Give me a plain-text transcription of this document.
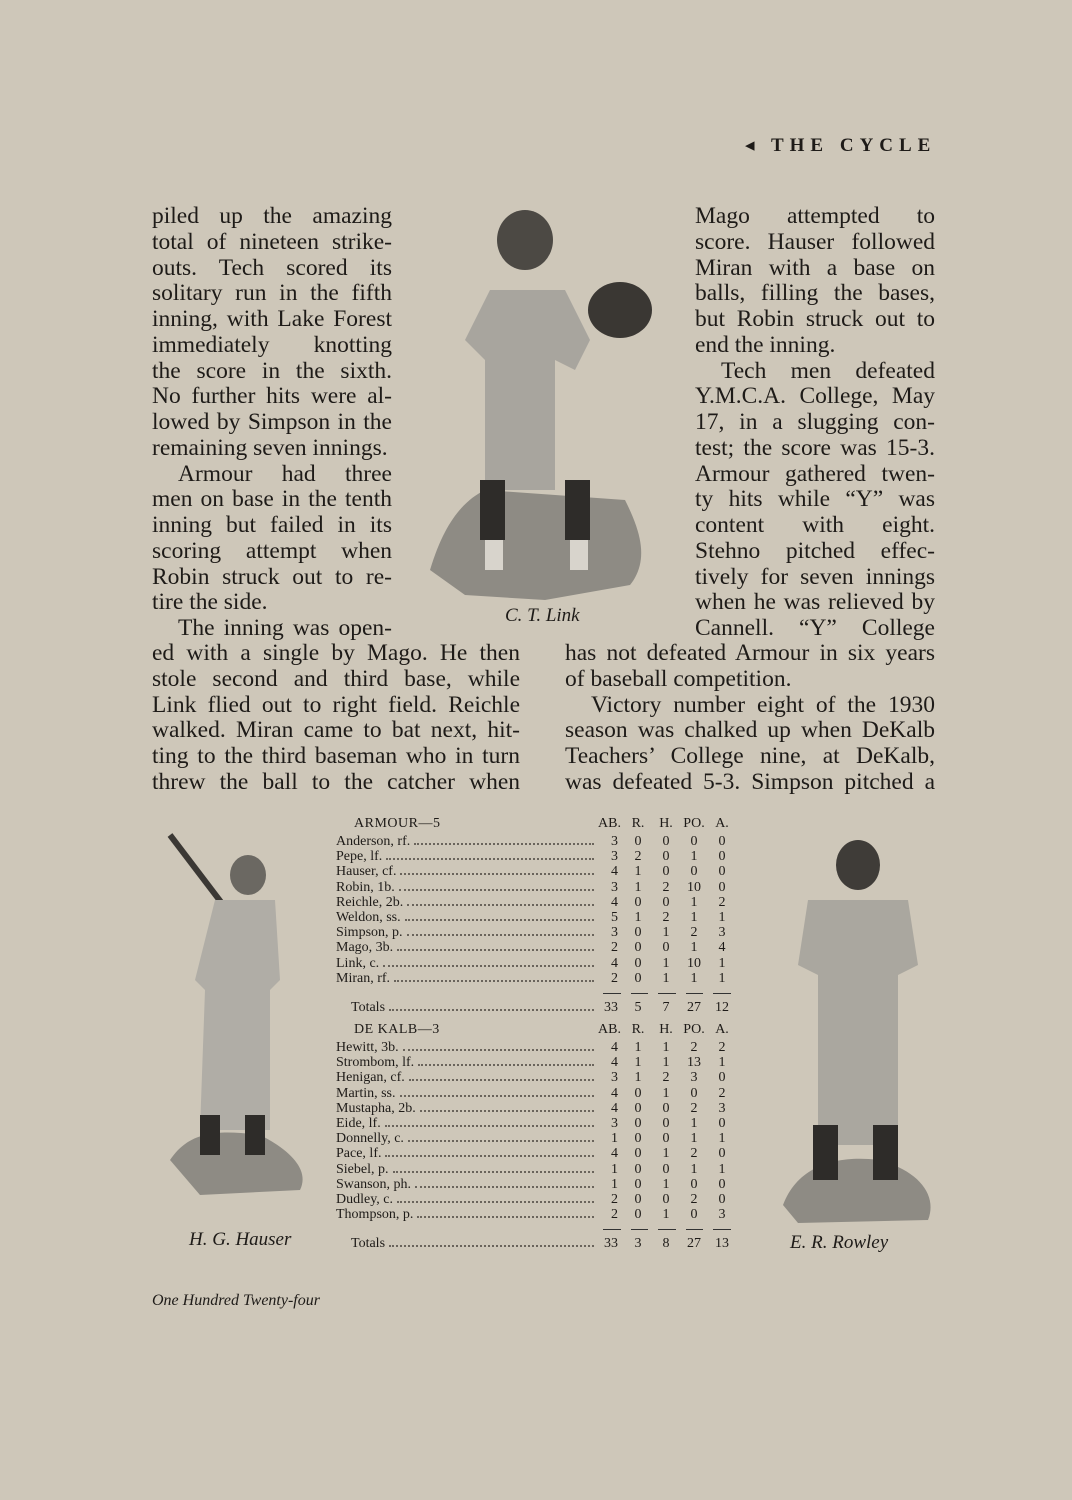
◂ THE CYCLE
piled up the amazing
total of nineteen strike-
outs. Tech scored its
solitary run in the fifth
inning, with Lake Forest
immediately knotting
the score in the sixth.
No further hits were al-
lowed by Simpson in the
remaining seven innings.
Armour had three
men on base in the tenth
inning but failed in its
scoring attempt when
Robin struck out to re-
tire the side.
The inning was open-
ed with a single by Mago. He then
stole second and third base, while
Link flied out to right field. Reichle
walked. Miran came to bat next, hit-
ting to the third baseman who in turn
threw the ball to the catcher when
Mago attempted to
score. Hauser followed
Miran with a base on
balls, filling the bases,
but Robin struck out to
end the inning.
Tech men defeated
Y.M.C.A. College, May
17, in a slugging con-
test; the score was 15-3.
Armour gathered twen-
ty hits while “Y” was
content with eight.
Stehno pitched effec-
tively for seven innings
when he was relieved by
Cannell. “Y” College
has not defeated Armour in six years
of baseball competition.
Victory number eight of the 1930
season was chalked up when DeKalb
Teachers’ College nine, at DeKalb,
was defeated 5-3. Simpson pitched a
C. T. Link
H. G. Hauser	E. R. Rowley
ARMOUR—5	AB. R.	H. PO. A.
Anderson, rf.	3	0	0	0	0
Pepe, lf.	3	2	0	1	0
Hauser, cf.	4	1	0	0	0
Robin, 1b.	3	1	2	10	0
Reichle, 2b.	4	0	0	1	2
Weldon, ss.	5	1	2	1	1
Simpson, p.	3	0	1	2	3
Mago, 3b.	2	0	0	1	4
Link, c.	4	0	1	10	1
Miran, rf.	2	0	1	1	1
Totals	33	5	7	27	12
DE KALB—3	AB. R.	H. PO. A.
Hewitt, 3b.	4	1	1	2	2
Strombom, lf.	4	1	1	13	1
Henigan, cf.	3	1	2	3	0
Martin, ss.	4	0	1	0	2
Mustapha, 2b.	4	0	0	2	3
Eide, lf.	3	0	0	1	0
Donnelly, c.	1	0	0	1	1
Pace, lf.	4	0	1	2	0
Siebel, p.	1	0	0	1	1
Swanson, ph.	1	0	1	0	0
Dudley, c.	2	0	0	2	0
Thompson, p.	2	0	1	0	3
Totals	33	3	8	27	13
One Hundred Twenty-four
